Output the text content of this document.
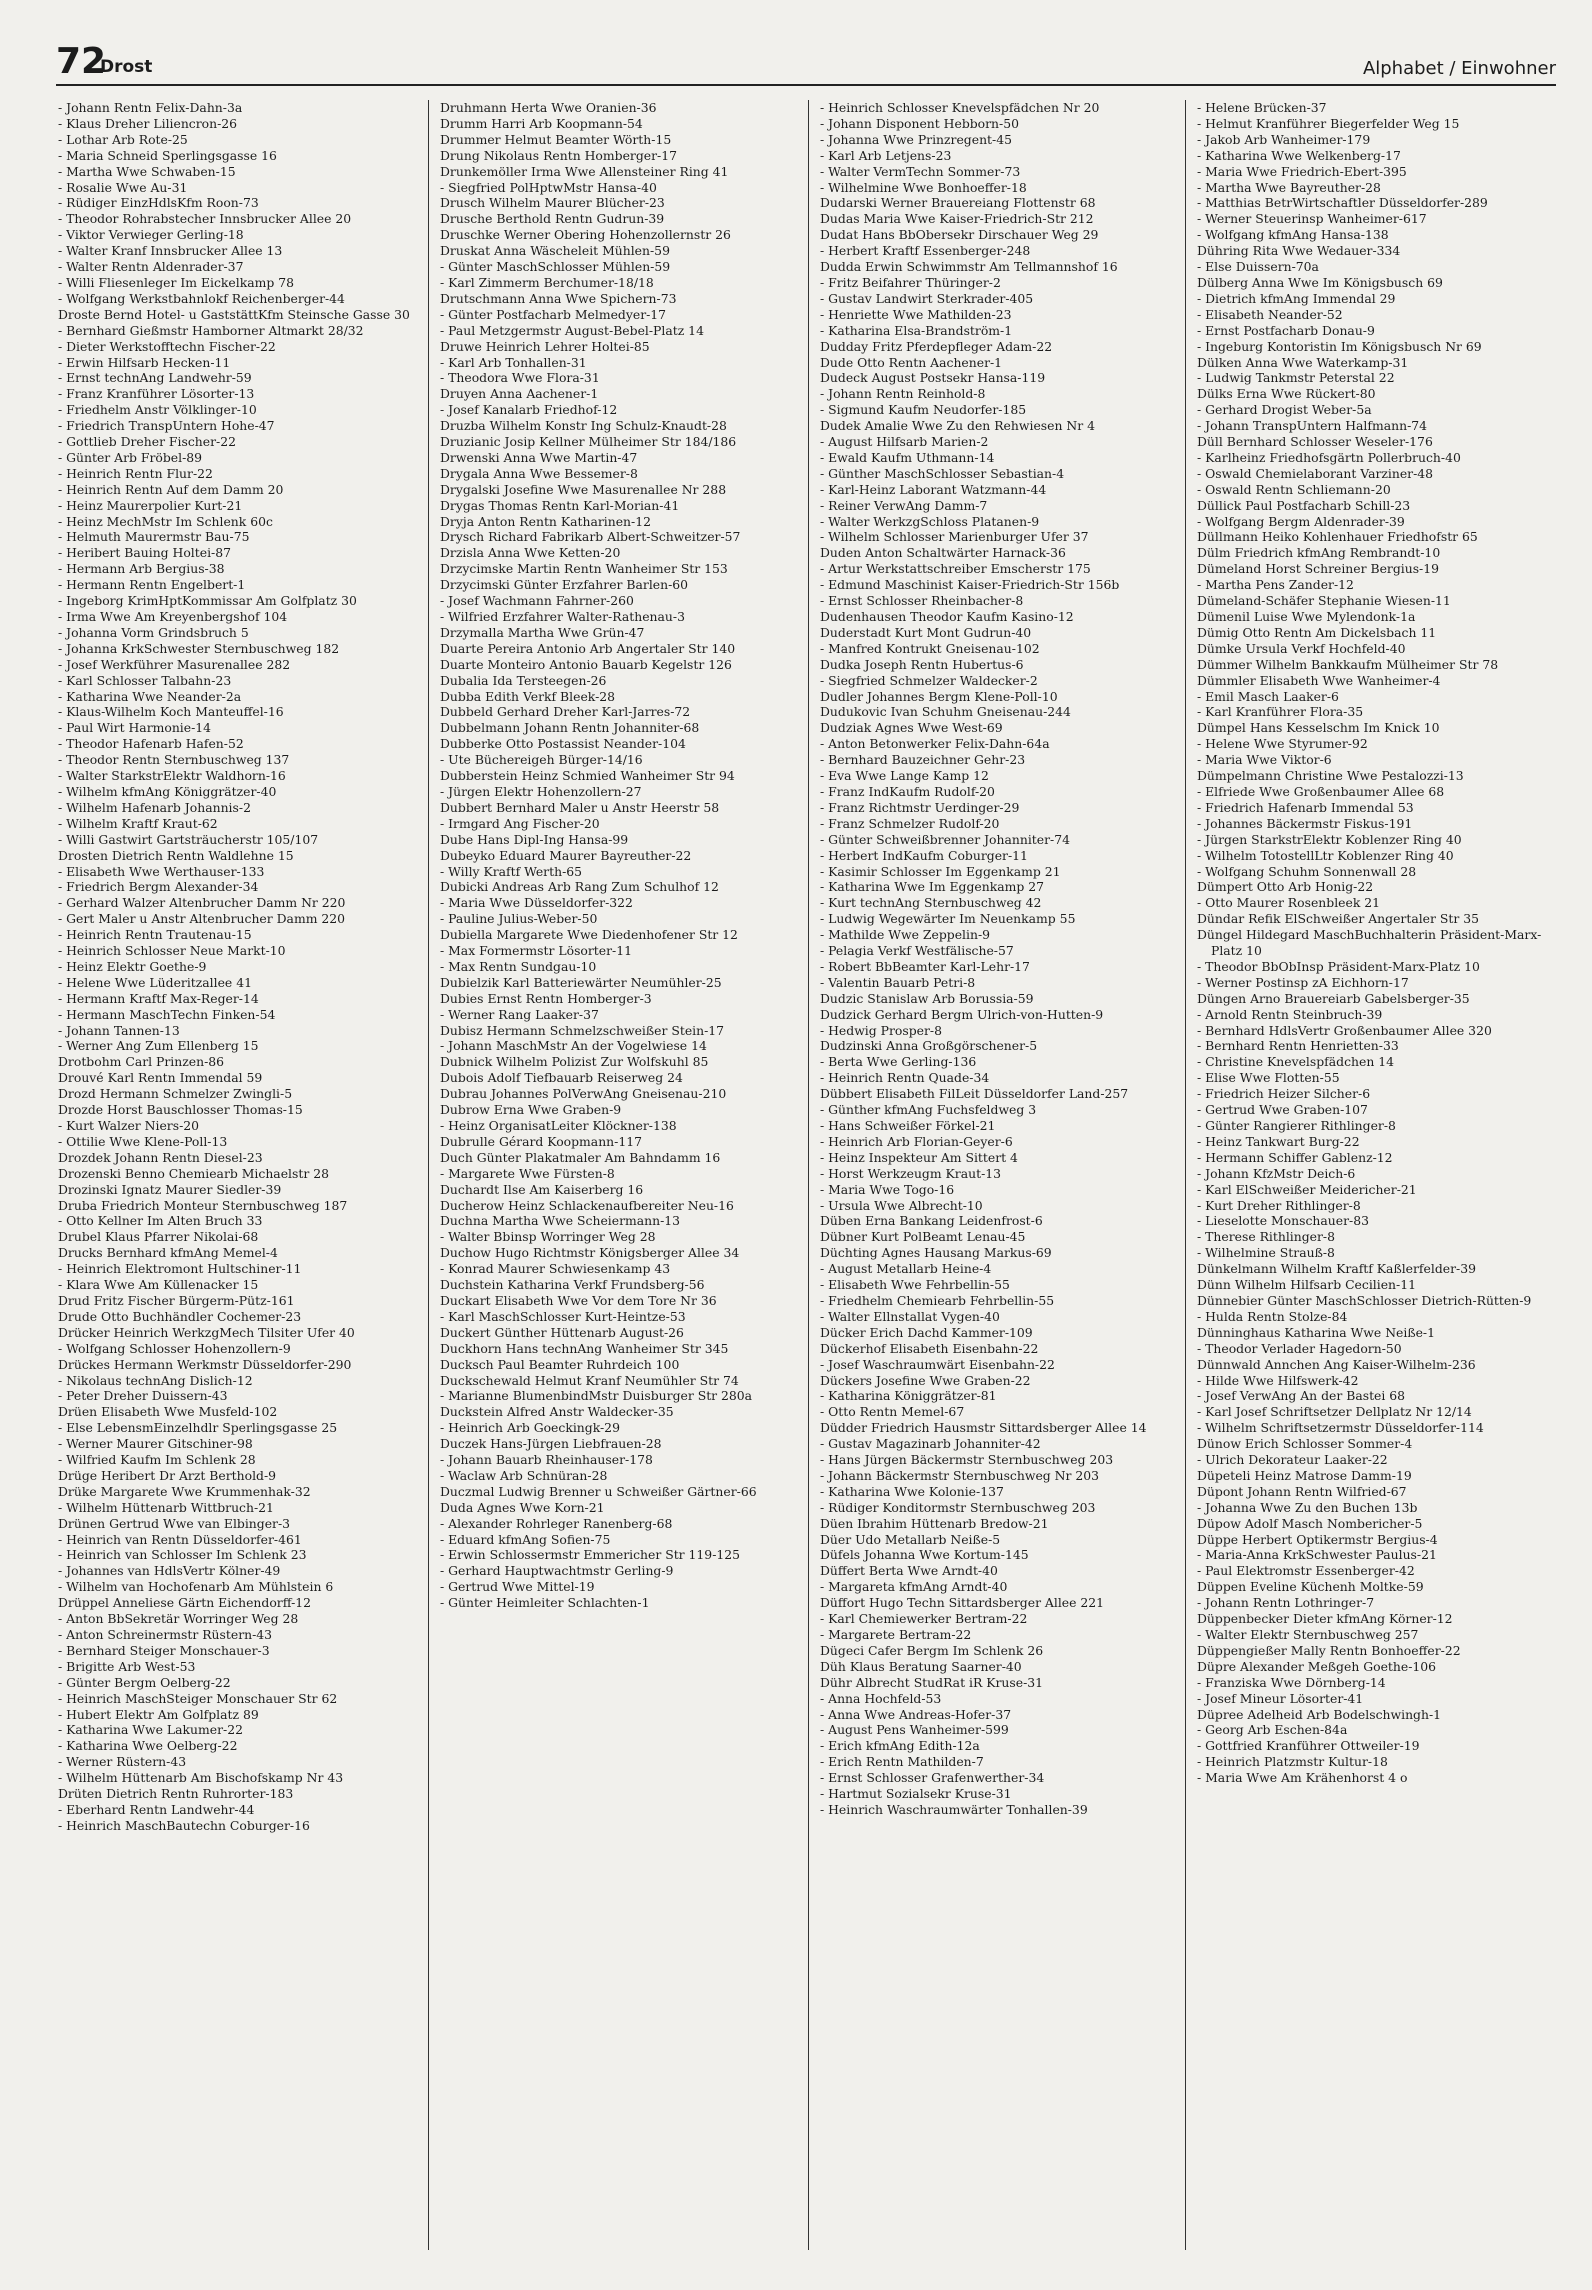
72
Drost	Alphabet / Einwohner

- Johann Rentn Felix-Dahn-3a

- Klaus Dreher Liliencron-26

- Lothar Arb Rote-25

- Maria Schneid Sperlingsgasse 16

- Martha Wwe Schwaben-15

- Rosalie Wwe Au-31

- Rüdiger EinzHdlsKfm Roon-73

- Theodor Rohrabstecher Innsbrucker Allee 20

- Viktor Verwieger Gerling-18

- Walter Kranf Innsbrucker Allee 13

- Walter Rentn Aldenrader-37

- Willi Fliesenleger Im Eickelkamp 78

- Wolfgang Werkstbahnlokf Reichenberger-44

Droste Bernd Hotel- u GaststättKfm Steinsche Gasse 30

- Bernhard Gießmstr Hamborner Altmarkt 28/32

- Dieter Werkstofftechn Fischer-22

- Erwin Hilfsarb Hecken-11

- Ernst technAng Landwehr-59

- Franz Kranführer Lösorter-13

- Friedhelm Anstr Völklinger-10

- Friedrich TranspUntern Hohe-47

- Gottlieb Dreher Fischer-22

- Günter Arb Fröbel-89

- Heinrich Rentn Flur-22

- Heinrich Rentn Auf dem Damm 20

- Heinz Maurerpolier Kurt-21

- Heinz MechMstr Im Schlenk 60c

- Helmuth Maurermstr Bau-75

- Heribert Bauing Holtei-87

- Hermann Arb Bergius-38

- Hermann Rentn Engelbert-1

- Ingeborg KrimHptKommissar Am Golfplatz 30

- Irma Wwe Am Kreyenbergshof 104

- Johanna Vorm Grindsbruch 5

- Johanna KrkSchwester Sternbuschweg 182

- Josef Werkführer Masurenallee 282

- Karl Schlosser Talbahn-23

- Katharina Wwe Neander-2a

- Klaus-Wilhelm Koch Manteuffel-16

- Paul Wirt Harmonie-14

- Theodor Hafenarb Hafen-52

- Theodor Rentn Sternbuschweg 137

- Walter StarkstrElektr Waldhorn-16

- Wilhelm kfmAng Königgrätzer-40

- Wilhelm Hafenarb Johannis-2

- Wilhelm Kraftf Kraut-62

- Willi Gastwirt Gartsträucherstr 105/107

Drosten Dietrich Rentn Waldlehne 15

- Elisabeth Wwe Werthauser-133

- Friedrich Bergm Alexander-34

- Gerhard Walzer Altenbrucher Damm Nr 220

- Gert Maler u Anstr Altenbrucher Damm 220

- Heinrich Rentn Trautenau-15

- Heinrich Schlosser Neue Markt-10

- Heinz Elektr Goethe-9

- Helene Wwe Lüderitzallee 41

- Hermann Kraftf Max-Reger-14

- Hermann MaschTechn Finken-54

- Johann Tannen-13

- Werner Ang Zum Ellenberg 15

Drotbohm Carl Prinzen-86

Drouvé Karl Rentn Immendal 59

Drozd Hermann Schmelzer Zwingli-5

Drozde Horst Bauschlosser Thomas-15

- Kurt Walzer Niers-20

- Ottilie Wwe Klene-Poll-13

Drozdek Johann Rentn Diesel-23

Drozenski Benno Chemiearb Michaelstr 28

Drozinski Ignatz Maurer Siedler-39

Druba Friedrich Monteur Sternbuschweg 187

- Otto Kellner Im Alten Bruch 33

Drubel Klaus Pfarrer Nikolai-68

Drucks Bernhard kfmAng Memel-4

- Heinrich Elektromont Hultschiner-11

- Klara Wwe Am Küllenacker 15

Drud Fritz Fischer Bürgerm-Pütz-161

Drude Otto Buchhändler Cochemer-23

Drücker Heinrich WerkzgMech Tilsiter Ufer 40

- Wolfgang Schlosser Hohenzollern-9

Drückes Hermann Werkmstr Düsseldorfer-290

- Nikolaus technAng Dislich-12

- Peter Dreher Duissern-43

Drüen Elisabeth Wwe Musfeld-102

- Else LebensmEinzelhdlr Sperlingsgasse 25

- Werner Maurer Gitschiner-98

- Wilfried Kaufm Im Schlenk 28

Drüge Heribert Dr Arzt Berthold-9

Drüke Margarete Wwe Krummenhak-32

- Wilhelm Hüttenarb Wittbruch-21

Drünen Gertrud Wwe van Elbinger-3

- Heinrich van Rentn Düsseldorfer-461

- Heinrich van Schlosser Im Schlenk 23

- Johannes van HdlsVertr Kölner-49

- Wilhelm van Hochofenarb Am Mühlstein 6

Drüppel Anneliese Gärtn Eichendorff-12

- Anton BbSekretär Worringer Weg 28

- Anton Schreinermstr Rüstern-43

- Bernhard Steiger Monschauer-3

- Brigitte Arb West-53

- Günter Bergm Oelberg-22

- Heinrich MaschSteiger Monschauer Str 62

- Hubert Elektr Am Golfplatz 89

- Katharina Wwe Lakumer-22

- Katharina Wwe Oelberg-22

- Werner Rüstern-43

- Wilhelm Hüttenarb Am Bischofskamp Nr 43

Drüten Dietrich Rentn Ruhrorter-183

- Eberhard Rentn Landwehr-44

- Heinrich MaschBautechn Coburger-16

Druhmann Herta Wwe Oranien-36

Drumm Harri Arb Koopmann-54

Drummer Helmut Beamter Wörth-15

Drung Nikolaus Rentn Homberger-17

Drunkemöller Irma Wwe Allensteiner Ring 41

- Siegfried PolHptwMstr Hansa-40

Drusch Wilhelm Maurer Blücher-23

Drusche Berthold Rentn Gudrun-39

Druschke Werner Obering Hohenzollernstr 26

Druskat Anna Wäscheleit Mühlen-59

- Günter MaschSchlosser Mühlen-59

- Karl Zimmerm Berchumer-18/18

Drutschmann Anna Wwe Spichern-73

- Günter Postfacharb Melmedyer-17

- Paul Metzgermstr August-Bebel-Platz 14

Druwe Heinrich Lehrer Holtei-85

- Karl Arb Tonhallen-31

- Theodora Wwe Flora-31

Druyen Anna Aachener-1

- Josef Kanalarb Friedhof-12

Druzba Wilhelm Konstr Ing Schulz-Knaudt-28

Druzianic Josip Kellner Mülheimer Str 184/186

Drwenski Anna Wwe Martin-47

Drygala Anna Wwe Bessemer-8

Drygalski Josefine Wwe Masurenallee Nr 288

Drygas Thomas Rentn Karl-Morian-41

Dryja Anton Rentn Katharinen-12

Drysch Richard Fabrikarb Albert-Schweitzer-57

Drzisla Anna Wwe Ketten-20

Drzycimske Martin Rentn Wanheimer Str 153

Drzycimski Günter Erzfahrer Barlen-60

- Josef Wachmann Fahrner-260

- Wilfried Erzfahrer Walter-Rathenau-3

Drzymalla Martha Wwe Grün-47

Duarte Pereira Antonio Arb Angertaler Str 140

Duarte Monteiro Antonio Bauarb Kegelstr 126

Dubalia Ida Tersteegen-26

Dubba Edith Verkf Bleek-28

Dubbeld Gerhard Dreher Karl-Jarres-72

Dubbelmann Johann Rentn Johanniter-68

Dubberke Otto Postassist Neander-104

- Ute Büchereigeh Bürger-14/16

Dubberstein Heinz Schmied Wanheimer Str 94

- Jürgen Elektr Hohenzollern-27

Dubbert Bernhard Maler u Anstr Heerstr 58

- Irmgard Ang Fischer-20

Dube Hans Dipl-Ing Hansa-99

Dubeyko Eduard Maurer Bayreuther-22

- Willy Kraftf Werth-65

Dubicki Andreas Arb Rang Zum Schulhof 12

- Maria Wwe Düsseldorfer-322

- Pauline Julius-Weber-50

Dubiella Margarete Wwe Diedenhofener Str 12

- Max Formermstr Lösorter-11

- Max Rentn Sundgau-10

Dubielzik Karl Batteriewärter Neumühler-25

Dubies Ernst Rentn Homberger-3

- Werner Rang Laaker-37

Dubisz Hermann Schmelzschweißer Stein-17

- Johann MaschMstr An der Vogelwiese 14

Dubnick Wilhelm Polizist Zur Wolfskuhl 85

Dubois Adolf Tiefbauarb Reiserweg 24

Dubrau Johannes PolVerwAng Gneisenau-210

Dubrow Erna Wwe Graben-9

- Heinz OrganisatLeiter Klöckner-138

Dubrulle Gérard Koopmann-117

Duch Günter Plakatmaler Am Bahndamm 16

- Margarete Wwe Fürsten-8

Duchardt Ilse Am Kaiserberg 16

Ducherow Heinz Schlackenaufbereiter Neu-16

Duchna Martha Wwe Scheiermann-13

- Walter Bbinsp Worringer Weg 28

Duchow Hugo Richtmstr Königsberger Allee 34

- Konrad Maurer Schwiesenkamp 43

Duchstein Katharina Verkf Frundsberg-56

Duckart Elisabeth Wwe Vor dem Tore Nr 36

- Karl MaschSchlosser Kurt-Heintze-53

Duckert Günther Hüttenarb August-26

Duckhorn Hans technAng Wanheimer Str 345

Ducksch Paul Beamter Ruhrdeich 100

Duckschewald Helmut Kranf Neumühler Str 74

- Marianne BlumenbindMstr Duisburger Str 280a

Duckstein Alfred Anstr Waldecker-35

- Heinrich Arb Goeckingk-29

Duczek Hans-Jürgen Liebfrauen-28

- Johann Bauarb Rheinhauser-178

- Waclaw Arb Schnüran-28

Duczmal Ludwig Brenner u Schweißer Gärtner-66

Duda Agnes Wwe Korn-21

- Alexander Rohrleger Ranenberg-68

- Eduard kfmAng Sofien-75

- Erwin Schlossermstr Emmericher Str 119-125

- Gerhard Hauptwachtmstr Gerling-9

- Gertrud Wwe Mittel-19

- Günter Heimleiter Schlachten-1

- Heinrich Schlosser Knevelspfädchen Nr 20

- Johann Disponent Hebborn-50

- Johanna Wwe Prinzregent-45

- Karl Arb Letjens-23

- Walter VermTechn Sommer-73

- Wilhelmine Wwe Bonhoeffer-18

Dudarski Werner Brauereiang Flottenstr 68

Dudas Maria Wwe Kaiser-Friedrich-Str 212

Dudat Hans BbObersekr Dirschauer Weg 29

- Herbert Kraftf Essenberger-248

Dudda Erwin Schwimmstr Am Tellmannshof 16

- Fritz Beifahrer Thüringer-2

- Gustav Landwirt Sterkrader-405

- Henriette Wwe Mathilden-23

- Katharina Elsa-Brandström-1

Dudday Fritz Pferdepfleger Adam-22

Dude Otto Rentn Aachener-1

Dudeck August Postsekr Hansa-119

- Johann Rentn Reinhold-8

- Sigmund Kaufm Neudorfer-185

Dudek Amalie Wwe Zu den Rehwiesen Nr 4

- August Hilfsarb Marien-2

- Ewald Kaufm Uthmann-14

- Günther MaschSchlosser Sebastian-4

- Karl-Heinz Laborant Watzmann-44

- Reiner VerwAng Damm-7

- Walter WerkzgSchloss Platanen-9

- Wilhelm Schlosser Marienburger Ufer 37

Duden Anton Schaltwärter Harnack-36

- Artur Werkstattschreiber Emscherstr 175

- Edmund Maschinist Kaiser-Friedrich-Str 156b

- Ernst Schlosser Rheinbacher-8

Dudenhausen Theodor Kaufm Kasino-12

Duderstadt Kurt Mont Gudrun-40

- Manfred Kontrukt Gneisenau-102

Dudka Joseph Rentn Hubertus-6

- Siegfried Schmelzer Waldecker-2

Dudler Johannes Bergm Klene-Poll-10

Dudukovic Ivan Schuhm Gneisenau-244

Dudziak Agnes Wwe West-69

- Anton Betonwerker Felix-Dahn-64a

- Bernhard Bauzeichner Gehr-23

- Eva Wwe Lange Kamp 12

- Franz IndKaufm Rudolf-20

- Franz Richtmstr Uerdinger-29

- Franz Schmelzer Rudolf-20

- Günter Schweißbrenner Johanniter-74

- Herbert IndKaufm Coburger-11

- Kasimir Schlosser Im Eggenkamp 21

- Katharina Wwe Im Eggenkamp 27

- Kurt technAng Sternbuschweg 42

- Ludwig Wegewärter Im Neuenkamp 55

- Mathilde Wwe Zeppelin-9

- Pelagia Verkf Westfälische-57

- Robert BbBeamter Karl-Lehr-17

- Valentin Bauarb Petri-8

Dudzic Stanislaw Arb Borussia-59

Dudzick Gerhard Bergm Ulrich-von-Hutten-9

- Hedwig Prosper-8

Dudzinski Anna Großgörschener-5

- Berta Wwe Gerling-136

- Heinrich Rentn Quade-34

Dübbert Elisabeth FilLeit Düsseldorfer Land-257

- Günther kfmAng Fuchsfeldweg 3

- Hans Schweißer Förkel-21

- Heinrich Arb Florian-Geyer-6

- Heinz Inspekteur Am Sittert 4

- Horst Werkzeugm Kraut-13

- Maria Wwe Togo-16

- Ursula Wwe Albrecht-10

Düben Erna Bankang Leidenfrost-6

Dübner Kurt PolBeamt Lenau-45

Düchting Agnes Hausang Markus-69

- August Metallarb Heine-4

- Elisabeth Wwe Fehrbellin-55

- Friedhelm Chemiearb Fehrbellin-55

- Walter Ellnstallat Vygen-40

Dücker Erich Dachd Kammer-109

Dückerhof Elisabeth Eisenbahn-22

- Josef Waschraumwärt Eisenbahn-22

Dückers Josefine Wwe Graben-22

- Katharina Königgrätzer-81

- Otto Rentn Memel-67

Düdder Friedrich Hausmstr Sittardsberger Allee 14

- Gustav Magazinarb Johanniter-42

- Hans Jürgen Bäckermstr Sternbuschweg 203

- Johann Bäckermstr Sternbuschweg Nr 203

- Katharina Wwe Kolonie-137

- Rüdiger Konditormstr Sternbuschweg 203

Düen Ibrahim Hüttenarb Bredow-21

Düer Udo Metallarb Neiße-5

Düfels Johanna Wwe Kortum-145

Düffert Berta Wwe Arndt-40

- Margareta kfmAng Arndt-40

Düffort Hugo Techn Sittardsberger Allee 221

- Karl Chemiewerker Bertram-22

- Margarete Bertram-22

Dügeci Cafer Bergm Im Schlenk 26

Düh Klaus Beratung Saarner-40

Dühr Albrecht StudRat iR Kruse-31

- Anna Hochfeld-53

- Anna Wwe Andreas-Hofer-37

- August Pens Wanheimer-599

- Erich kfmAng Edith-12a

- Erich Rentn Mathilden-7

- Ernst Schlosser Grafenwerther-34

- Hartmut Sozialsekr Kruse-31

- Heinrich Waschraumwärter Tonhallen-39

- Helene Brücken-37

- Helmut Kranführer Biegerfelder Weg 15

- Jakob Arb Wanheimer-179

- Katharina Wwe Welkenberg-17

- Maria Wwe Friedrich-Ebert-395

- Martha Wwe Bayreuther-28

- Matthias BetrWirtschaftler Düsseldorfer-289

- Werner Steuerinsp Wanheimer-617

- Wolfgang kfmAng Hansa-138

Dühring Rita Wwe Wedauer-334

- Else Duissern-70a

Dülberg Anna Wwe Im Königsbusch 69

- Dietrich kfmAng Immendal 29

- Elisabeth Neander-52

- Ernst Postfacharb Donau-9

- Ingeburg Kontoristin Im Königsbusch Nr 69

Dülken Anna Wwe Waterkamp-31

- Ludwig Tankmstr Peterstal 22

Dülks Erna Wwe Rückert-80

- Gerhard Drogist Weber-5a

- Johann TranspUntern Halfmann-74

Düll Bernhard Schlosser Weseler-176

- Karlheinz Friedhofsgärtn Pollerbruch-40

- Oswald Chemielaborant Varziner-48

- Oswald Rentn Schliemann-20

Düllick Paul Postfacharb Schill-23

- Wolfgang Bergm Aldenrader-39

Düllmann Heiko Kohlenhauer Friedhofstr 65

Dülm Friedrich kfmAng Rembrandt-10

Dümeland Horst Schreiner Bergius-19

- Martha Pens Zander-12

Dümeland-Schäfer Stephanie Wiesen-11

Dümenil Luise Wwe Mylendonk-1a

Dümig Otto Rentn Am Dickelsbach 11

Dümke Ursula Verkf Hochfeld-40

Dümmer Wilhelm Bankkaufm Mülheimer Str 78

Dümmler Elisabeth Wwe Wanheimer-4

- Emil Masch Laaker-6

- Karl Kranführer Flora-35

Dümpel Hans Kesselschm Im Knick 10

- Helene Wwe Styrumer-92

- Maria Wwe Viktor-6

Dümpelmann Christine Wwe Pestalozzi-13

- Elfriede Wwe Großenbaumer Allee 68

- Friedrich Hafenarb Immendal 53

- Johannes Bäckermstr Fiskus-191

- Jürgen StarkstrElektr Koblenzer Ring 40

- Wilhelm TotostellLtr Koblenzer Ring 40

- Wolfgang Schuhm Sonnenwall 28

Dümpert Otto Arb Honig-22

- Otto Maurer Rosenbleek 21

Dündar Refik ElSchweißer Angertaler Str 35

Düngel Hildegard MaschBuchhalterin Präsident-Marx-Platz 10

- Theodor BbObInsp Präsident-Marx-Platz 10

- Werner Postinsp zA Eichhorn-17

Düngen Arno Brauereiarb Gabelsberger-35

- Arnold Rentn Steinbruch-39

- Bernhard HdlsVertr Großenbaumer Allee 320

- Bernhard Rentn Henrietten-33

- Christine Knevelspfädchen 14

- Elise Wwe Flotten-55

- Friedrich Heizer Silcher-6

- Gertrud Wwe Graben-107

- Günter Rangierer Rithlinger-8

- Heinz Tankwart Burg-22

- Hermann Schiffer Gablenz-12

- Johann KfzMstr Deich-6

- Karl ElSchweißer Meidericher-21

- Kurt Dreher Rithlinger-8

- Lieselotte Monschauer-83

- Therese Rithlinger-8

- Wilhelmine Strauß-8

Dünkelmann Wilhelm Kraftf Kaßlerfelder-39

Dünn Wilhelm Hilfsarb Cecilien-11

Dünnebier Günter MaschSchlosser Dietrich-Rütten-9

- Hulda Rentn Stolze-84

Dünninghaus Katharina Wwe Neiße-1

- Theodor Verlader Hagedorn-50

Dünnwald Annchen Ang Kaiser-Wilhelm-236

- Hilde Wwe Hilfswerk-42

- Josef VerwAng An der Bastei 68

- Karl Josef Schriftsetzer Dellplatz Nr 12/14

- Wilhelm Schriftsetzermstr Düsseldorfer-114

Dünow Erich Schlosser Sommer-4

- Ulrich Dekorateur Laaker-22

Düpeteli Heinz Matrose Damm-19

Düpont Johann Rentn Wilfried-67

- Johanna Wwe Zu den Buchen 13b

Düpow Adolf Masch Nombericher-5

Düppe Herbert Optikermstr Bergius-4

- Maria-Anna KrkSchwester Paulus-21

- Paul Elektromstr Essenberger-42

Düppen Eveline Küchenh Moltke-59

- Johann Rentn Lothringer-7

Düppenbecker Dieter kfmAng Körner-12

- Walter Elektr Sternbuschweg 257

Düppengießer Mally Rentn Bonhoeffer-22

Düpre Alexander Meßgeh Goethe-106

- Franziska Wwe Dörnberg-14

- Josef Mineur Lösorter-41

Düpree Adelheid Arb Bodelschwingh-1

- Georg Arb Eschen-84a

- Gottfried Kranführer Ottweiler-19

- Heinrich Platzmstr Kultur-18

- Maria Wwe Am Krähenhorst 4 o
